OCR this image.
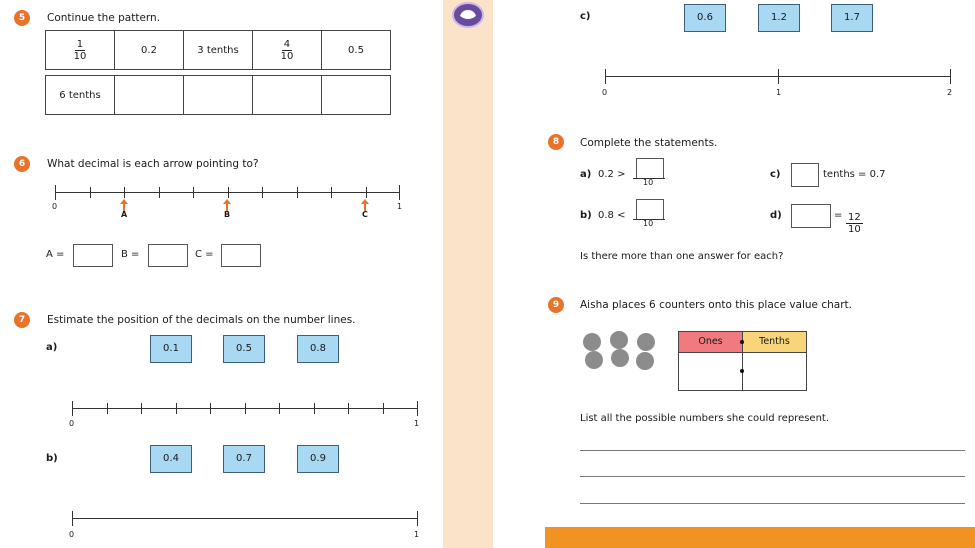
5	Continue the pattern.
$\frac{1}{10}$	0.2	3 tenths	$\frac{4}{10}$	0.5
6 tenths				
6	What decimal is each arrow pointing to?
0	1
A	B	C
A =	B =	C =
7	Estimate the position of the decimals on the number lines.
a)	0.1	0.5	0.8
0	1
b)	0.4	0.7	0.9
0	1
c)	0.6	1.2	1.7
0	1	2
8	Complete the statements.
a) 0.2 >
10
b) 0.8 <
10
c)	tenths = 0.7
d)	= $\frac{12}{10}$
Is there more than one answer for each?
9	Aisha places 6 counters onto this place value chart.
Ones	Tenths
List all the possible numbers she could represent.
